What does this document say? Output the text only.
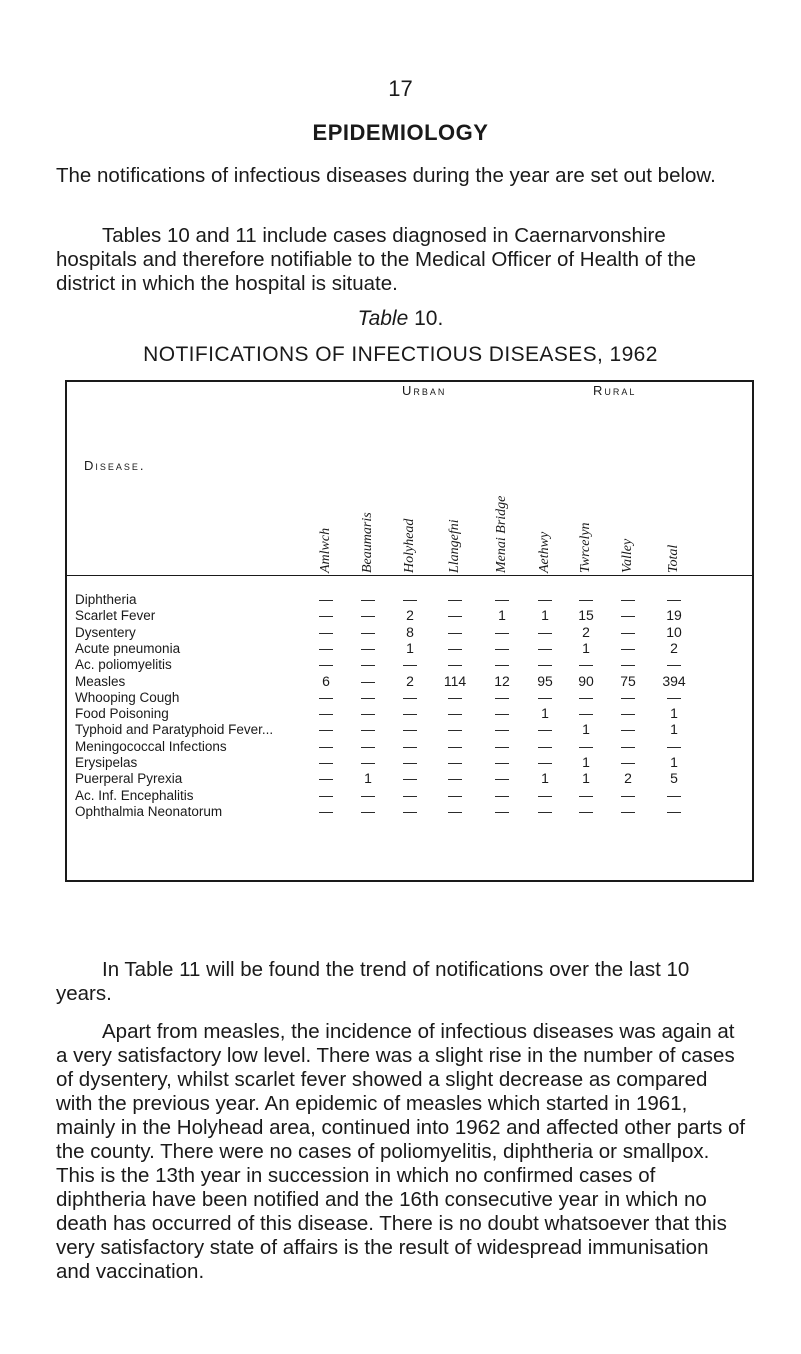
17
EPIDEMIOLOGY

The notifications of infectious diseases during the year are set out below.

Tables 10 and 11 include cases diagnosed in Caernarvonshire hospitals and therefore notifiable to the Medical Officer of Health of the district in which the hospital is situate.

Table 10.
NOTIFICATIONS OF INFECTIOUS DISEASES, 1962
Urban	Rural
Disease.
Amlwch Beaumaris Holyhead Llangefni Menai Bridge Aethwy Twrcelyn Valley Total
Diphtheria	—	—	—	—	—	—	—	—	—
Scarlet Fever	—	—	2	—	1	1	15	—	19
Dysentery	—	—	8	—	—	—	2	—	10
Acute pneumonia	—	—	1	—	—	—	1	—	2
Ac. poliomyelitis	—	—	—	—	—	—	—	—	—
Measles	6	—	2	114	12	95	90	75	394
Whooping Cough	—	—	—	—	—	—	—	—	—
Food Poisoning	—	—	—	—	—	1	—	—	1
Typhoid and Paratyphoid Fever...	—	—	—	—	—	—	1	—	1
Meningococcal Infections	—	—	—	—	—	—	—	—	—
Erysipelas	—	—	—	—	—	—	1	—	1
Puerperal Pyrexia	—	1	—	—	—	1	1	2	5
Ac. Inf. Encephalitis	—	—	—	—	—	—	—	—	—
Ophthalmia Neonatorum	—	—	—	—	—	—	—	—	—

In Table 11 will be found the trend of notifications over the last 10 years.

Apart from measles, the incidence of infectious diseases was again at a very satisfactory low level. There was a slight rise in the number of cases of dysentery, whilst scarlet fever showed a slight decrease as compared with the previous year. An epidemic of measles which started in 1961, mainly in the Holyhead area, continued into 1962 and affected other parts of the county. There were no cases of poliomyelitis, diphtheria or smallpox. This is the 13th year in succession in which no confirmed cases of diphtheria have been notified and the 16th consecutive year in which no death has occurred of this disease. There is no doubt whatsoever that this very satisfactory state of affairs is the result of widespread immunisation and vaccination.
